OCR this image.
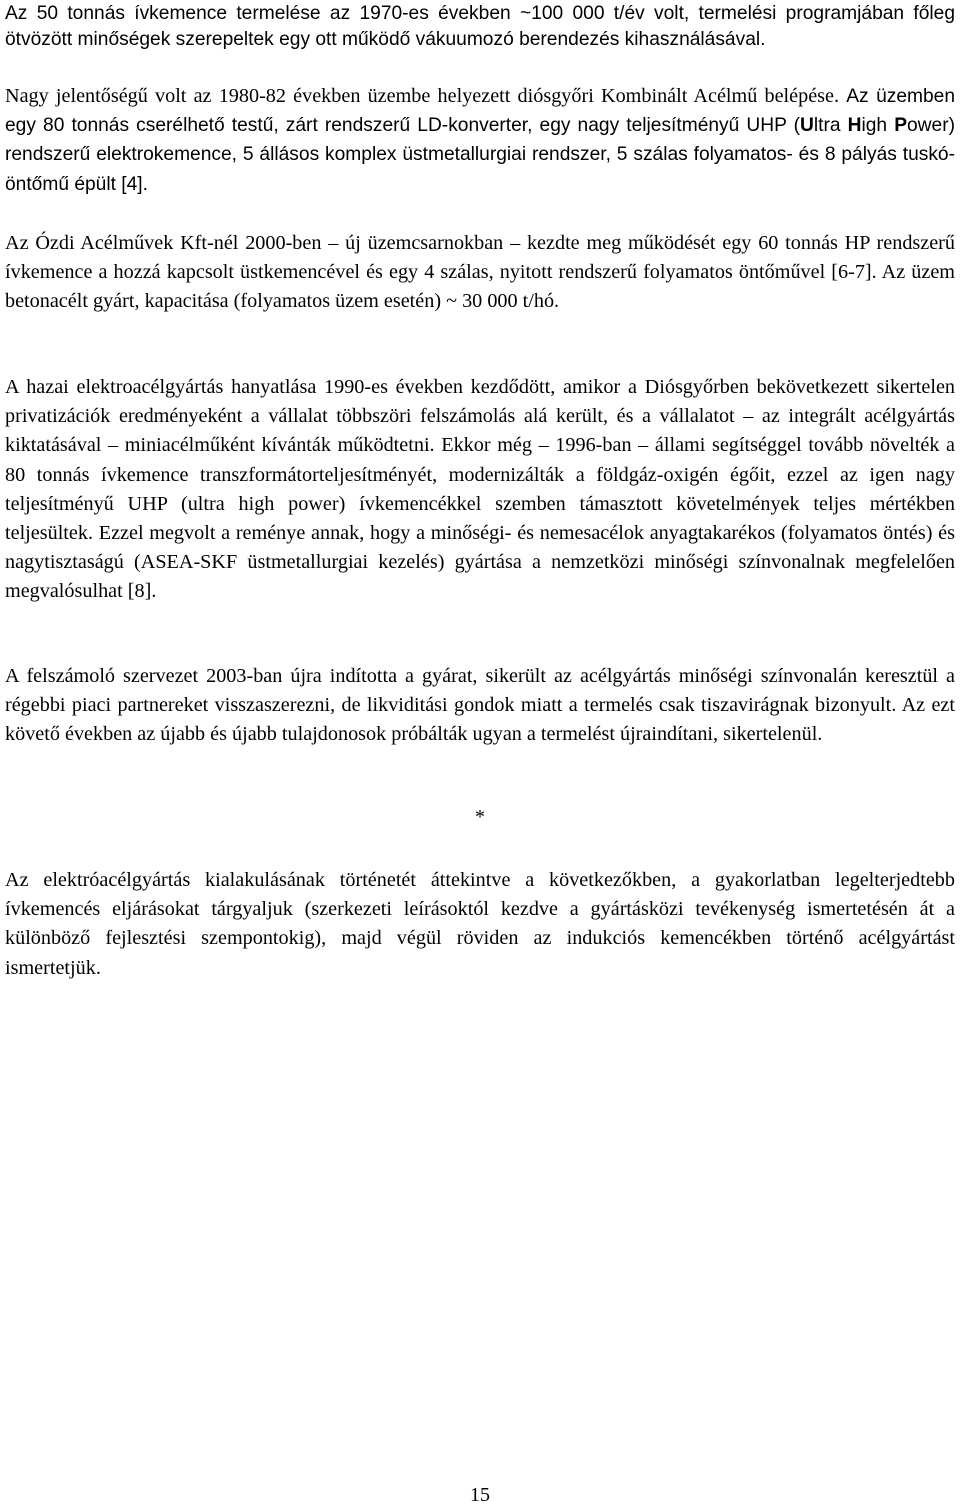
Az 50 tonnás ívkemence termelése az 1970-es években ~100 000 t/év volt, termelési programjában főleg ötvözött minőségek szerepeltek egy ott működő vákuumozó berendezés kihasználásával.

Nagy jelentőségű volt az 1980-82 években üzembe helyezett diósgyőri Kombinált Acélmű belépése. Az üzemben egy 80 tonnás cserélhető testű, zárt rendszerű LD-konverter, egy nagy teljesítményű UHP (Ultra High Power) rendszerű elektrokemence, 5 állásos komplex üstmetallurgiai rendszer, 5 szálas folyamatos- és 8 pályás tuskó-öntőmű épült [4].

Az Ózdi Acélművek Kft-nél 2000-ben – új üzemcsarnokban – kezdte meg működését egy 60 tonnás HP rendszerű ívkemence a hozzá kapcsolt üstkemencével és egy 4 szálas, nyitott rendszerű folyamatos öntőművel [6-7]. Az üzem betonacélt gyárt, kapacitása (folyamatos üzem esetén) ~ 30 000 t/hó.

A hazai elektroacélgyártás hanyatlása 1990-es években kezdődött, amikor a Diósgyőrben bekövetkezett sikertelen privatizációk eredményeként a vállalat többszöri felszámolás alá került, és a vállalatot – az integrált acélgyártás kiktatásával – miniacélműként kívánták működtetni. Ekkor még – 1996-ban – állami segítséggel tovább növelték a 80 tonnás ívkemence transzformátorteljesítményét, modernizálták a földgáz-oxigén égőit, ezzel az igen nagy teljesítményű UHP (ultra high power) ívkemencékkel szemben támasztott követelmények teljes mértékben teljesültek. Ezzel megvolt a reménye annak, hogy a minőségi- és nemesacélok anyagtakarékos (folyamatos öntés) és nagytisztaságú (ASEA-SKF üstmetallurgiai kezelés) gyártása a nemzetközi minőségi színvonalnak megfelelően megvalósulhat [8].

A felszámoló szervezet 2003-ban újra indította a gyárat, sikerült az acélgyártás minőségi színvonalán keresztül a régebbi piaci partnereket visszaszerezni, de likviditási gondok miatt a termelés csak tiszavirágnak bizonyult. Az ezt követő években az újabb és újabb tulajdonosok próbálták ugyan a termelést újraindítani, sikertelenül.

*

Az elektróacélgyártás kialakulásának történetét áttekintve a következőkben, a gyakorlatban legelterjedtebb ívkemencés eljárásokat tárgyaljuk (szerkezeti leírásoktól kezdve a gyártásközi tevékenység ismertetésén át a különböző fejlesztési szempontokig), majd végül röviden az indukciós kemencékben történő acélgyártást ismertetjük.

15
